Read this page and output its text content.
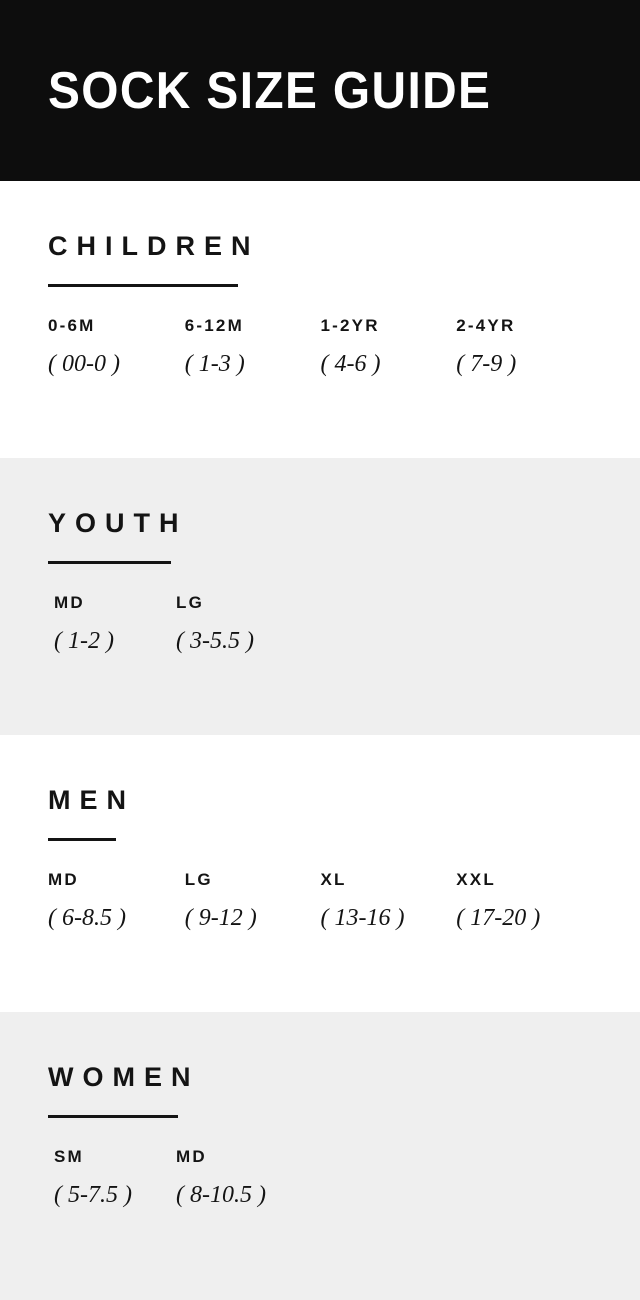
SOCK SIZE GUIDE
CHILDREN
0-6M
( 00-0 )
6-12M
( 1-3 )
1-2YR
( 4-6 )
2-4YR
( 7-9 )
YOUTH
MD
( 1-2 )
LG
( 3-5.5 )
MEN
MD
( 6-8.5 )
LG
( 9-12 )
XL
( 13-16 )
XXL
( 17-20 )
WOMEN
SM
( 5-7.5 )
MD
( 8-10.5 )
